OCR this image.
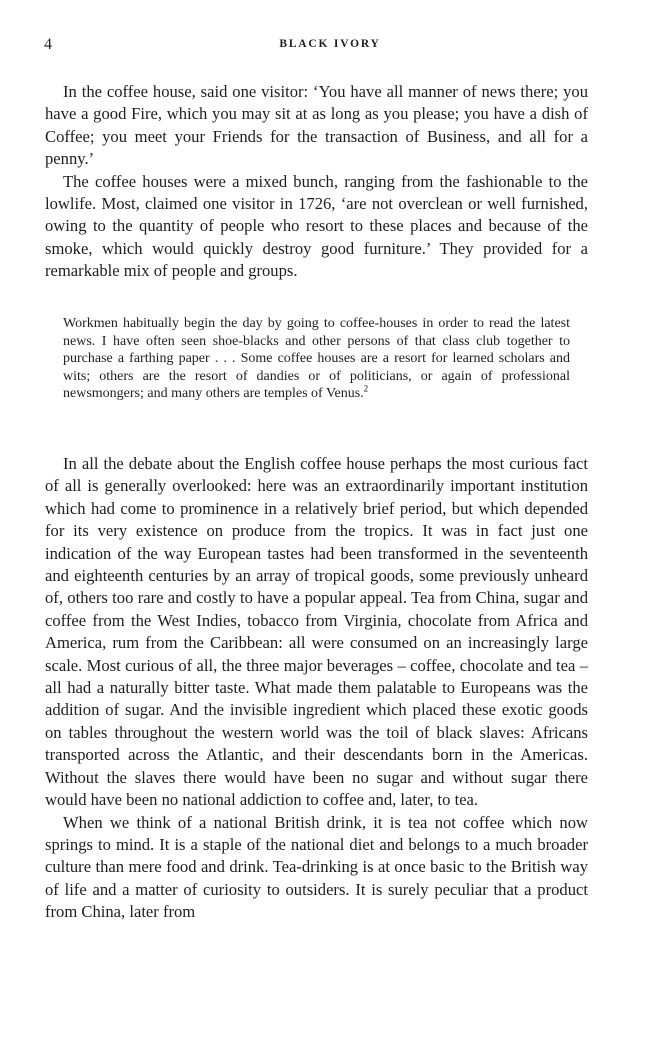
4	BLACK IVORY

In the coffee house, said one visitor: ‘You have all manner of news there; you have a good Fire, which you may sit at as long as you please; you have a dish of Coffee; you meet your Friends for the transaction of Business, and all for a penny.’

The coffee houses were a mixed bunch, ranging from the fashionable to the lowlife. Most, claimed one visitor in 1726, ‘are not overclean or well furnished, owing to the quantity of people who resort to these places and because of the smoke, which would quickly destroy good furniture.’ They provided for a remarkable mix of people and groups.

Workmen habitually begin the day by going to coffee-houses in order to read the latest news. I have often seen shoe-blacks and other persons of that class club together to purchase a farthing paper . . . Some coffee houses are a resort for learned scholars and wits; others are the resort of dandies or of politicians, or again of professional newsmongers; and many others are temples of Venus.$^2$

In all the debate about the English coffee house perhaps the most curious fact of all is generally overlooked: here was an extraordinarily important institution which had come to prominence in a relatively brief period, but which depended for its very existence on produce from the tropics. It was in fact just one indication of the way European tastes had been transformed in the seventeenth and eighteenth centuries by an array of tropical goods, some previously unheard of, others too rare and costly to have a popular appeal. Tea from China, sugar and coffee from the West Indies, tobacco from Virginia, chocolate from Africa and America, rum from the Caribbean: all were consumed on an increasingly large scale. Most curious of all, the three major beverages – coffee, chocolate and tea – all had a naturally bitter taste. What made them palatable to Europeans was the addition of sugar. And the invisible ingredient which placed these exotic goods on tables throughout the western world was the toil of black slaves: Africans transported across the Atlantic, and their descendants born in the Americas. Without the slaves there would have been no sugar and without sugar there would have been no national addiction to coffee and, later, to tea.

When we think of a national British drink, it is tea not coffee which now springs to mind. It is a staple of the national diet and belongs to a much broader culture than mere food and drink. Tea-drinking is at once basic to the British way of life and a matter of curiosity to outsiders. It is surely peculiar that a product from China, later from
